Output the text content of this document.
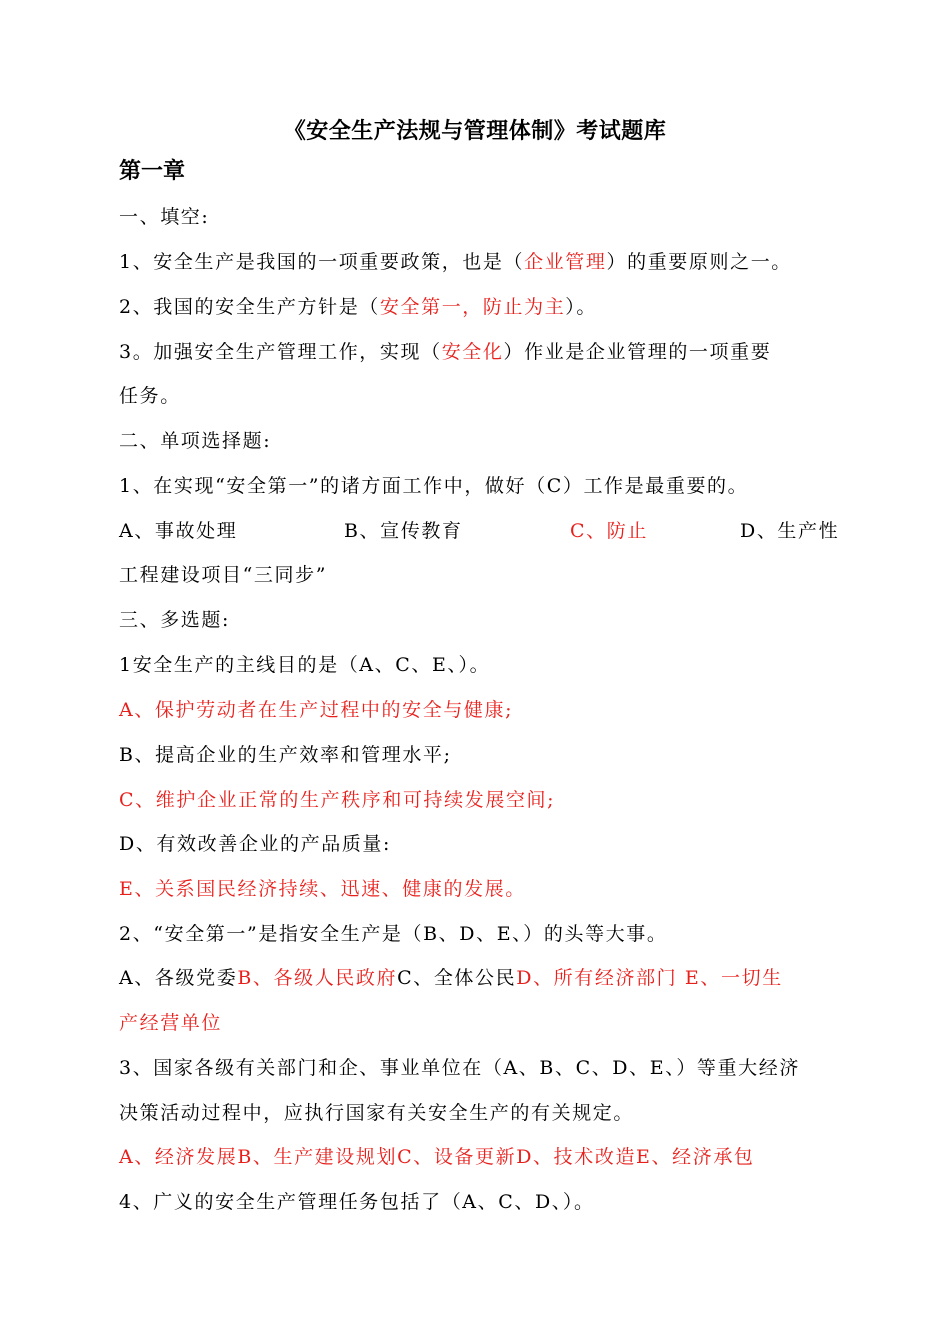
《安全生产法规与管理体制》考试题库
第一章
一、填空:
1、安全生产是我国的一项重要政策，也是（企业管理）的重要原则之一。
2、我国的安全生产方针是（安全第一，防止为主）。
3。加强安全生产管理工作，实现（安全化）作业是企业管理的一项重要
任务。
二、单项选择题:
1、在实现“安全第一”的诸方面工作中，做好（C）工作是最重要的。
A、事故处理	B、宣传教育	C、防止	D、生产性
工程建设项目“三同步”
三、多选题:
1安全生产的主线目的是（A、C、E、）。
A、保护劳动者在生产过程中的安全与健康;
B、提高企业的生产效率和管理水平;
C、维护企业正常的生产秩序和可持续发展空间;
D、有效改善企业的产品质量:
E、关系国民经济持续、迅速、健康的发展。
2、“安全第一”是指安全生产是（B、D、E、）的头等大事。
A、各级党委B、各级人民政府C、全体公民D、所有经济部门 E、一切生
产经营单位
3、国家各级有关部门和企、事业单位在（A、B、C、D、E、）等重大经济
决策活动过程中，应执行国家有关安全生产的有关规定。
A、经济发展B、生产建设规划C、设备更新D、技术改造E、经济承包
4、广义的安全生产管理任务包括了（A、C、D、）。
